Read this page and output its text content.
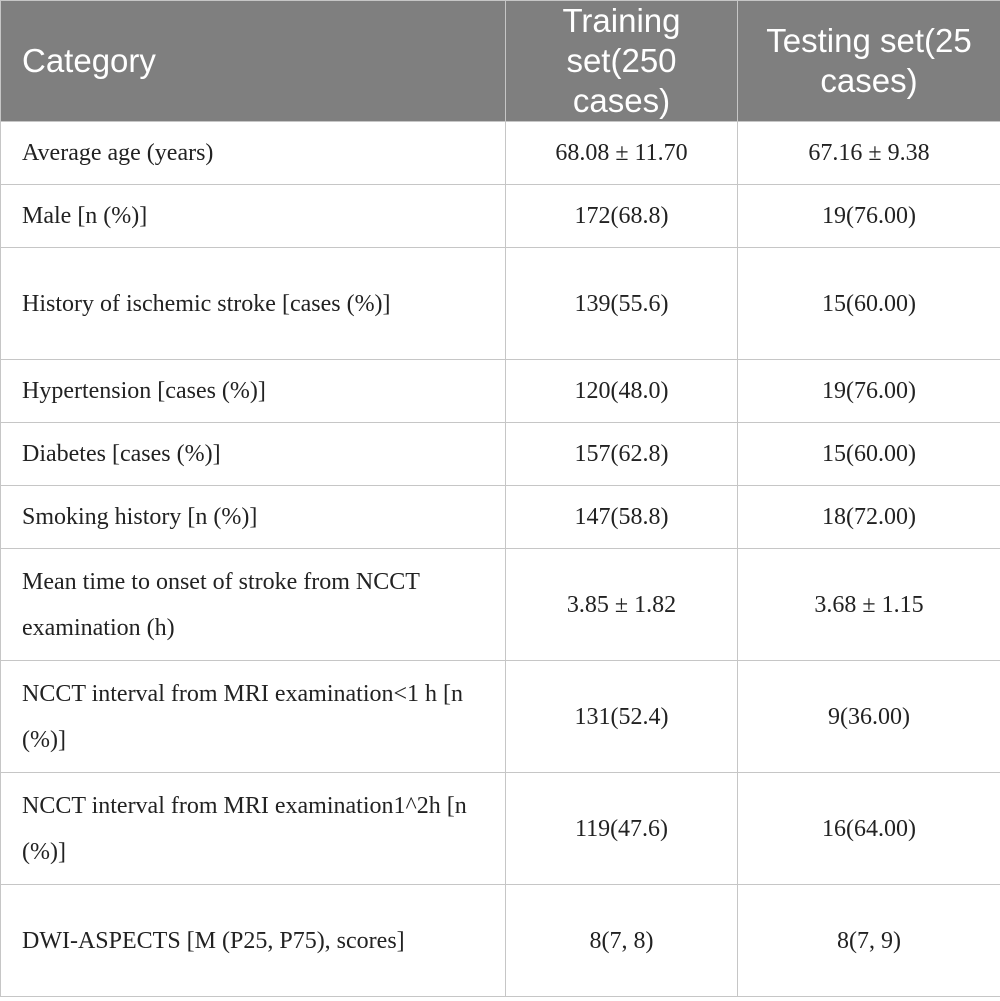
Category	Training set(250 cases)	Testing set(25 cases)
Average age (years)	68.08 ± 11.70	67.16 ± 9.38
Male [n (%)]	172(68.8)	19(76.00)
History of ischemic stroke [cases (%)]	139(55.6)	15(60.00)
Hypertension [cases (%)]	120(48.0)	19(76.00)
Diabetes [cases (%)]	157(62.8)	15(60.00)
Smoking history [n (%)]	147(58.8)	18(72.00)
Mean time to onset of stroke from NCCT examination (h)	3.85 ± 1.82	3.68 ± 1.15
NCCT interval from MRI examination<1 h [n (%)]	131(52.4)	9(36.00)
NCCT interval from MRI examination1^2h [n (%)]	119(47.6)	16(64.00)
DWI-ASPECTS [M (P25, P75), scores]	8(7, 8)	8(7, 9)
